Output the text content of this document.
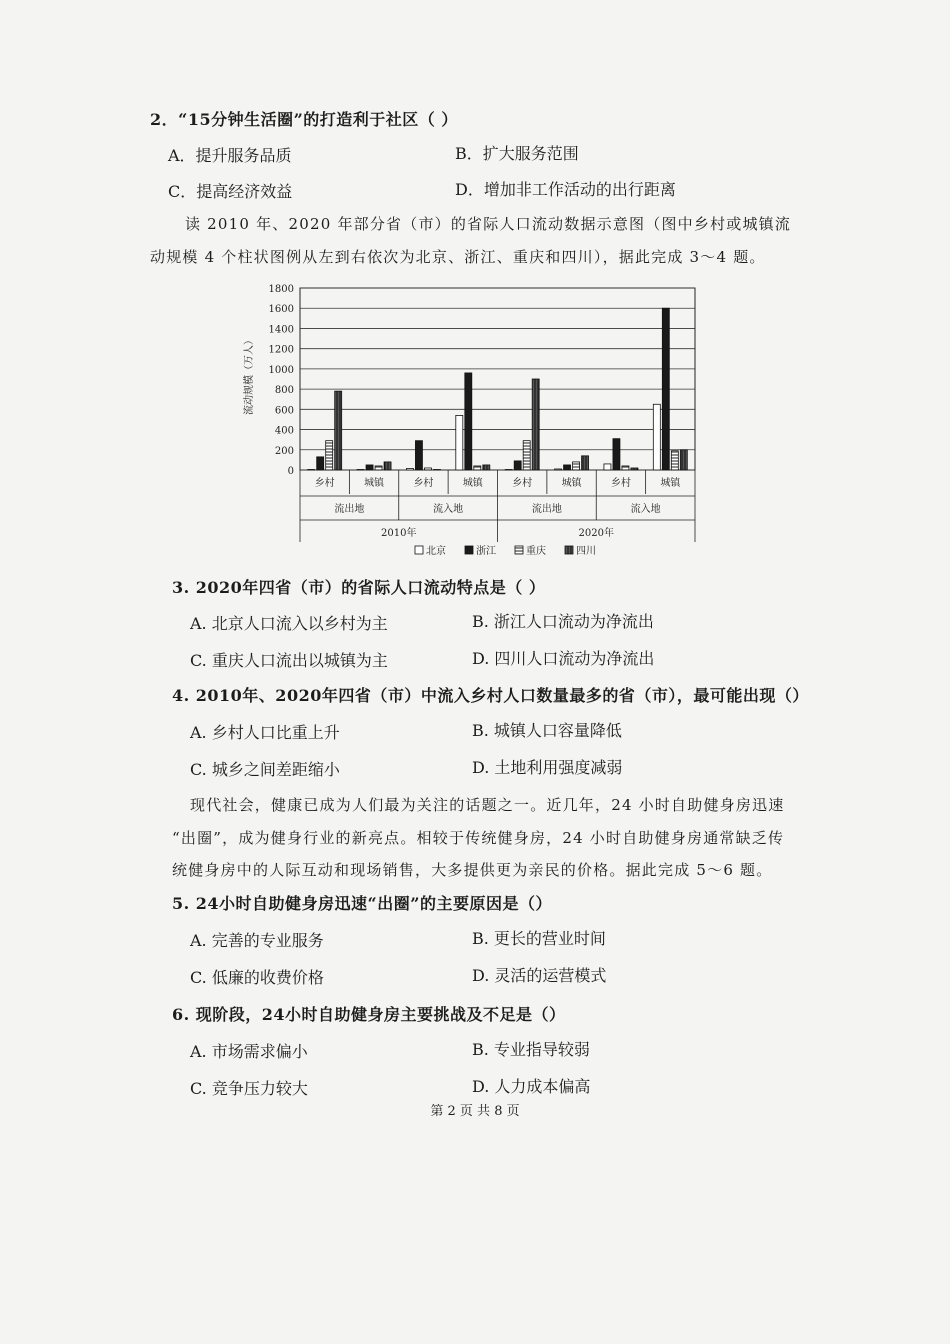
2．“15分钟生活圈”的打造利于社区（ ）
A．提升服务品质	B．扩大服务范围
C．提高经济效益	D．增加非工作活动的出行距离
读 2010 年、2020 年部分省（市）的省际人口流动数据示意图（图中乡村或城镇流
动规模 4 个柱状图例从左到右依次为北京、浙江、重庆和四川），据此完成 3～4 题。
0
200
400
600
800
1000
1200
1400
1600
1800
流动规模（万人）
乡村	城镇	乡村	城镇	乡村	城镇	乡村	城镇
流出地	流入地	流出地	流入地
2010年	2020年
北京	浙江	重庆	四川
3. 2020年四省（市）的省际人口流动特点是（ ）
A. 北京人口流入以乡村为主	B. 浙江人口流动为净流出
C. 重庆人口流出以城镇为主	D. 四川人口流动为净流出
4. 2010年、2020年四省（市）中流入乡村人口数量最多的省（市），最可能出现（）
A. 乡村人口比重上升	B. 城镇人口容量降低
C. 城乡之间差距缩小	D. 土地利用强度减弱
现代社会，健康已成为人们最为关注的话题之一。近几年，24 小时自助健身房迅速
“出圈”，成为健身行业的新亮点。相较于传统健身房，24 小时自助健身房通常缺乏传
统健身房中的人际互动和现场销售，大多提供更为亲民的价格。据此完成 5～6 题。
5. 24小时自助健身房迅速“出圈”的主要原因是（）
A. 完善的专业服务	B. 更长的营业时间
C. 低廉的收费价格	D. 灵活的运营模式
6. 现阶段，24小时自助健身房主要挑战及不足是（）
A. 市场需求偏小	B. 专业指导较弱
C. 竞争压力较大	D. 人力成本偏高
第 2 页 共 8 页
